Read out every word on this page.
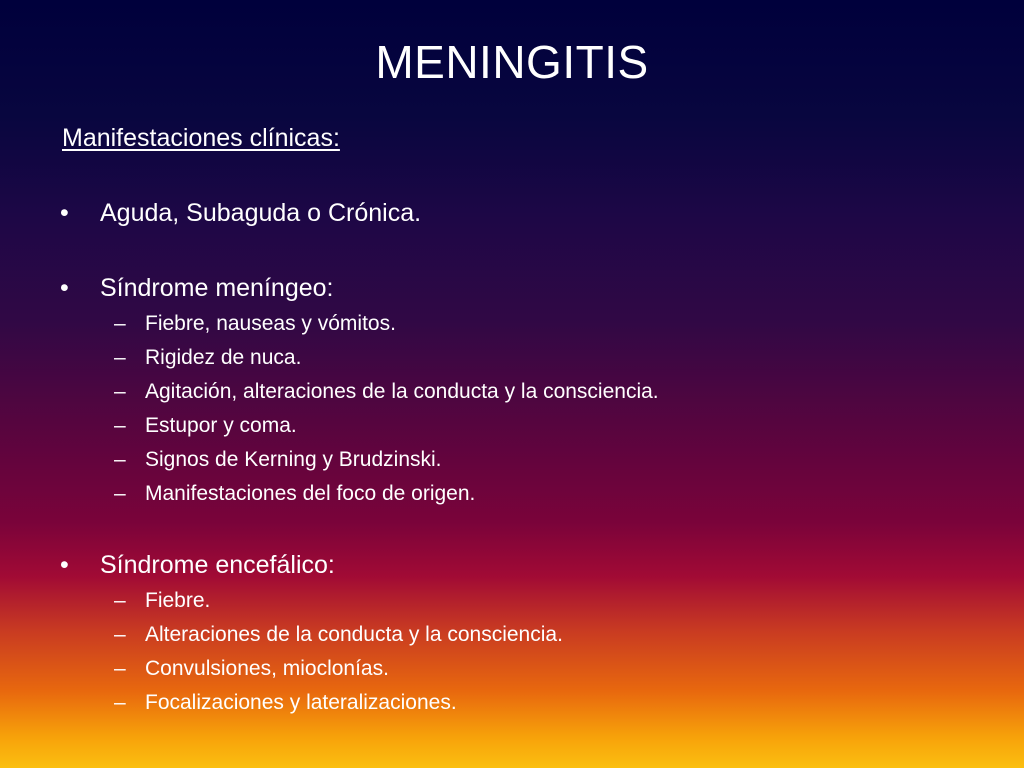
MENINGITIS
Manifestaciones clínicas:
• Aguda, Subaguda o Crónica.
• Síndrome meníngeo:
– Fiebre, nauseas y vómitos.
– Rigidez de nuca.
– Agitación, alteraciones de la conducta y la consciencia.
– Estupor y coma.
– Signos de Kerning y Brudzinski.
– Manifestaciones del foco de origen.
• Síndrome encefálico:
– Fiebre.
– Alteraciones de la conducta y la consciencia.
– Convulsiones, mioclonías.
– Focalizaciones y lateralizaciones.
